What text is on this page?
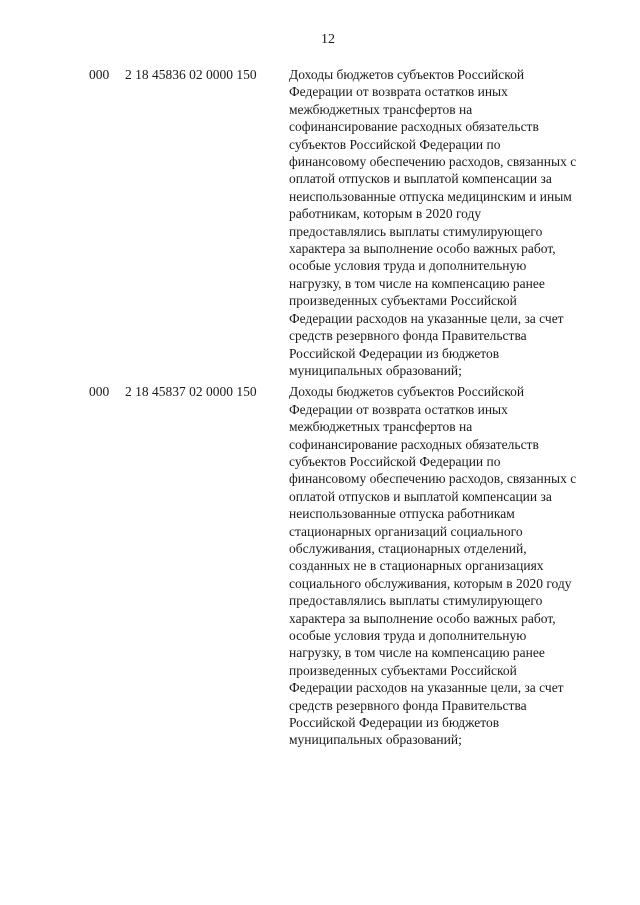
12
000 2 18 45836 02 0000 150 Доходы бюджетов субъектов Российской
Федерации от возврата остатков иных
межбюджетных трансфертов на
софинансирование расходных обязательств
субъектов Российской Федерации по
финансовому обеспечению расходов, связанных с
оплатой отпусков и выплатой компенсации за
неиспользованные отпуска медицинским и иным
работникам, которым в 2020 году
предоставлялись выплаты стимулирующего
характера за выполнение особо важных работ,
особые условия труда и дополнительную
нагрузку, в том числе на компенсацию ранее
произведенных субъектами Российской
Федерации расходов на указанные цели, за счет
средств резервного фонда Правительства
Российской Федерации из бюджетов
муниципальных образований;
000 2 18 45837 02 0000 150 Доходы бюджетов субъектов Российской
Федерации от возврата остатков иных
межбюджетных трансфертов на
софинансирование расходных обязательств
субъектов Российской Федерации по
финансовому обеспечению расходов, связанных с
оплатой отпусков и выплатой компенсации за
неиспользованные отпуска работникам
стационарных организаций социального
обслуживания, стационарных отделений,
созданных не в стационарных организациях
социального обслуживания, которым в 2020 году
предоставлялись выплаты стимулирующего
характера за выполнение особо важных работ,
особые условия труда и дополнительную
нагрузку, в том числе на компенсацию ранее
произведенных субъектами Российской
Федерации расходов на указанные цели, за счет
средств резервного фонда Правительства
Российской Федерации из бюджетов
муниципальных образований;
